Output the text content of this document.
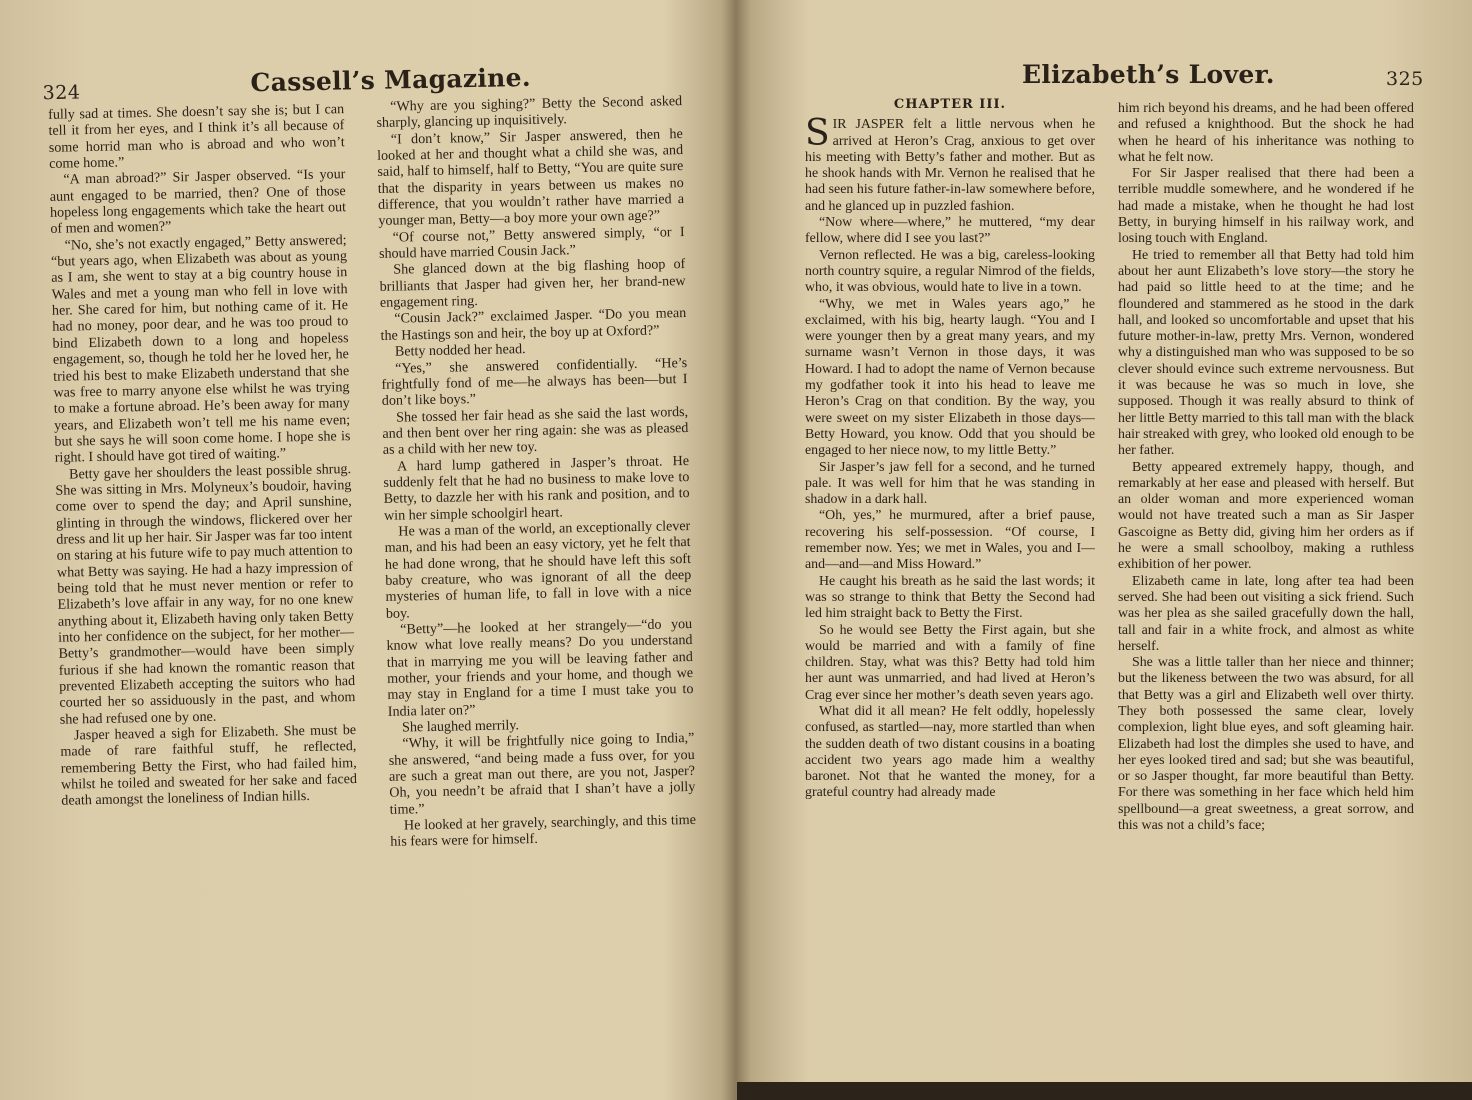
324	Cassell’s Magazine.

fully sad at times. She doesn’t say she is; but I can tell it from her eyes, and I think it’s all because of some horrid man who is abroad and who won’t come home.”

“A man abroad?” Sir Jasper observed. “Is your aunt engaged to be married, then? One of those hopeless long engagements which take the heart out of men and women?”

“No, she’s not exactly engaged,” Betty answered; “but years ago, when Elizabeth was about as young as I am, she went to stay at a big country house in Wales and met a young man who fell in love with her. She cared for him, but nothing came of it. He had no money, poor dear, and he was too proud to bind Elizabeth down to a long and hopeless engagement, so, though he told her he loved her, he tried his best to make Elizabeth understand that she was free to marry anyone else whilst he was trying to make a fortune abroad. He’s been away for many years, and Elizabeth won’t tell me his name even; but she says he will soon come home. I hope she is right. I should have got tired of waiting.”

Betty gave her shoulders the least possible shrug. She was sitting in Mrs. Molyneux’s boudoir, having come over to spend the day; and April sunshine, glinting in through the windows, flickered over her dress and lit up her hair. Sir Jasper was far too intent on staring at his future wife to pay much attention to what Betty was saying. He had a hazy impression of being told that he must never mention or refer to Elizabeth’s love affair in any way, for no one knew anything about it, Elizabeth having only taken Betty into her confidence on the subject, for her mother—Betty’s grandmother—would have been simply furious if she had known the romantic reason that prevented Elizabeth accepting the suitors who had courted her so assiduously in the past, and whom she had refused one by one.

Jasper heaved a sigh for Elizabeth. She must be made of rare faithful stuff, he reflected, remembering Betty the First, who had failed him, whilst he toiled and sweated for her sake and faced death amongst the loneliness of Indian hills.

“Why are you sighing?” Betty the Second asked sharply, glancing up inquisitively.

“I don’t know,” Sir Jasper answered, then he looked at her and thought what a child she was, and said, half to himself, half to Betty, “You are quite sure that the disparity in years between us makes no difference, that you wouldn’t rather have married a younger man, Betty—a boy more your own age?”

“Of course not,” Betty answered simply, “or I should have married Cousin Jack.”

She glanced down at the big flashing hoop of brilliants that Jasper had given her, her brand-new engagement ring.

“Cousin Jack?” exclaimed Jasper. “Do you mean the Hastings son and heir, the boy up at Oxford?”

Betty nodded her head.

“Yes,” she answered confidentially. “He’s frightfully fond of me—he always has been—but I don’t like boys.”

She tossed her fair head as she said the last words, and then bent over her ring again: she was as pleased as a child with her new toy.

A hard lump gathered in Jasper’s throat. He suddenly felt that he had no business to make love to Betty, to dazzle her with his rank and position, and to win her simple schoolgirl heart.

He was a man of the world, an exceptionally clever man, and his had been an easy victory, yet he felt that he had done wrong, that he should have left this soft baby creature, who was ignorant of all the deep mysteries of human life, to fall in love with a nice boy.

“Betty”—he looked at her strangely—“do you know what love really means? Do you understand that in marrying me you will be leaving father and mother, your friends and your home, and though we may stay in England for a time I must take you to India later on?”

She laughed merrily.

“Why, it will be frightfully nice going to India,” she answered, “and being made a fuss over, for you are such a great man out there, are you not, Jasper? Oh, you needn’t be afraid that I shan’t have a jolly time.”

He looked at her gravely, searchingly, and this time his fears were for himself.

Elizabeth’s Lover.	325
CHAPTER III.

SIR JASPER felt a little nervous when he arrived at Heron’s Crag, anxious to get over his meeting with Betty’s father and mother. But as he shook hands with Mr. Vernon he realised that he had seen his future father-in-law somewhere before, and he glanced up in puzzled fashion.

“Now where—where,” he muttered, “my dear fellow, where did I see you last?”

Vernon reflected. He was a big, careless-looking north country squire, a regular Nimrod of the fields, who, it was obvious, would hate to live in a town.

“Why, we met in Wales years ago,” he exclaimed, with his big, hearty laugh. “You and I were younger then by a great many years, and my surname wasn’t Vernon in those days, it was Howard. I had to adopt the name of Vernon because my godfather took it into his head to leave me Heron’s Crag on that condition. By the way, you were sweet on my sister Elizabeth in those days—Betty Howard, you know. Odd that you should be engaged to her niece now, to my little Betty.”

Sir Jasper’s jaw fell for a second, and he turned pale. It was well for him that he was standing in shadow in a dark hall.

“Oh, yes,” he murmured, after a brief pause, recovering his self-possession. “Of course, I remember now. Yes; we met in Wales, you and I—and—and—and Miss Howard.”

He caught his breath as he said the last words; it was so strange to think that Betty the Second had led him straight back to Betty the First.

So he would see Betty the First again, but she would be married and with a family of fine children. Stay, what was this? Betty had told him her aunt was unmarried, and had lived at Heron’s Crag ever since her mother’s death seven years ago.

What did it all mean? He felt oddly, hopelessly confused, as startled—nay, more startled than when the sudden death of two distant cousins in a boating accident two years ago made him a wealthy baronet. Not that he wanted the money, for a grateful country had already made

him rich beyond his dreams, and he had been offered and refused a knighthood. But the shock he had when he heard of his inheritance was nothing to what he felt now.

For Sir Jasper realised that there had been a terrible muddle somewhere, and he wondered if he had made a mistake, when he thought he had lost Betty, in burying himself in his railway work, and losing touch with England.

He tried to remember all that Betty had told him about her aunt Elizabeth’s love story—the story he had paid so little heed to at the time; and he floundered and stammered as he stood in the dark hall, and looked so uncomfortable and upset that his future mother-in-law, pretty Mrs. Vernon, wondered why a distinguished man who was supposed to be so clever should evince such extreme nervousness. But it was because he was so much in love, she supposed. Though it was really absurd to think of her little Betty married to this tall man with the black hair streaked with grey, who looked old enough to be her father.

Betty appeared extremely happy, though, and remarkably at her ease and pleased with herself. But an older woman and more experienced woman would not have treated such a man as Sir Jasper Gascoigne as Betty did, giving him her orders as if he were a small schoolboy, making a ruthless exhibition of her power.

Elizabeth came in late, long after tea had been served. She had been out visiting a sick friend. Such was her plea as she sailed gracefully down the hall, tall and fair in a white frock, and almost as white herself.

She was a little taller than her niece and thinner; but the likeness between the two was absurd, for all that Betty was a girl and Elizabeth well over thirty. They both possessed the same clear, lovely complexion, light blue eyes, and soft gleaming hair. Elizabeth had lost the dimples she used to have, and her eyes looked tired and sad; but she was beautiful, or so Jasper thought, far more beautiful than Betty. For there was something in her face which held him spellbound—a great sweetness, a great sorrow, and this was not a child’s face;
